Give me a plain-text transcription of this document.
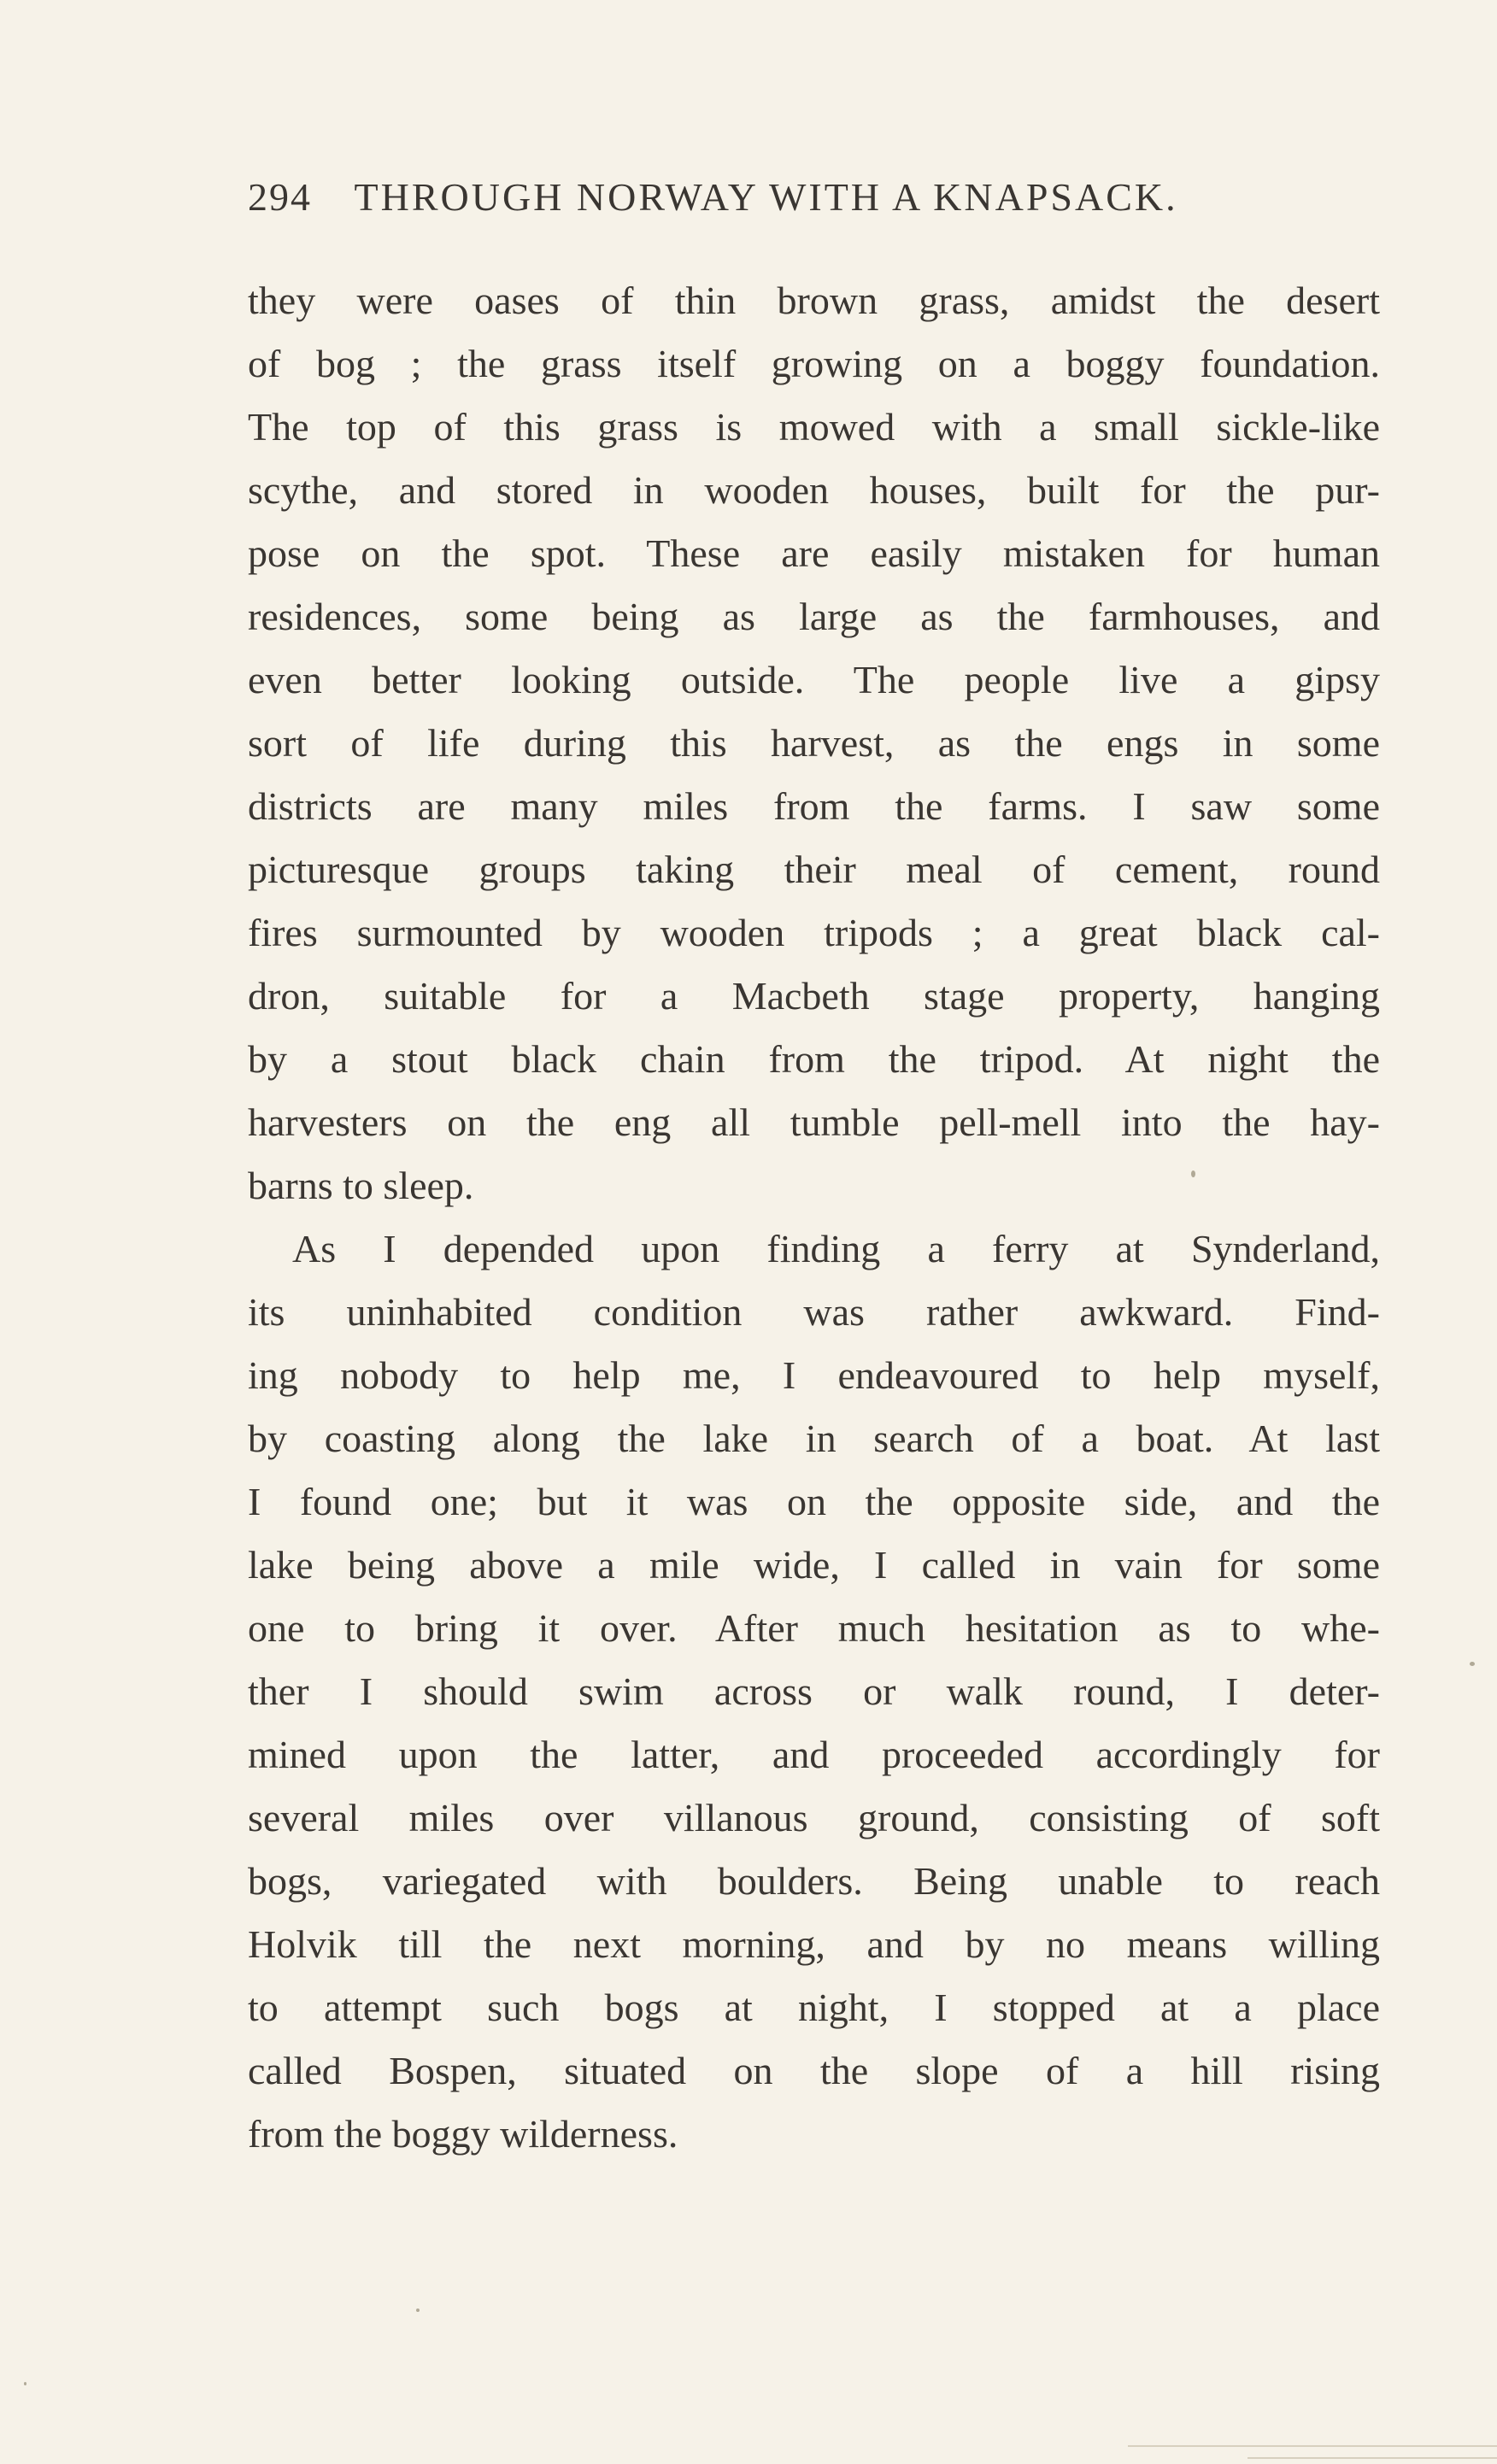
294 THROUGH NORWAY WITH A KNAPSACK.
they were oases of thin brown grass, amidst the desert
of bog ; the grass itself growing on a boggy foundation.
The top of this grass is mowed with a small sickle-like
scythe, and stored in wooden houses, built for the pur-
pose on the spot. These are easily mistaken for human
residences, some being as large as the farmhouses, and
even better looking outside. The people live a gipsy
sort of life during this harvest, as the engs in some
districts are many miles from the farms. I saw some
picturesque groups taking their meal of cement, round
fires surmounted by wooden tripods ; a great black cal-
dron, suitable for a Macbeth stage property, hanging
by a stout black chain from the tripod. At night the
harvesters on the eng all tumble pell-mell into the hay-
barns to sleep.
As I depended upon finding a ferry at Synderland,
its uninhabited condition was rather awkward. Find-
ing nobody to help me, I endeavoured to help myself,
by coasting along the lake in search of a boat. At last
I found one; but it was on the opposite side, and the
lake being above a mile wide, I called in vain for some
one to bring it over. After much hesitation as to whe-
ther I should swim across or walk round, I deter-
mined upon the latter, and proceeded accordingly for
several miles over villanous ground, consisting of soft
bogs, variegated with boulders. Being unable to reach
Holvik till the next morning, and by no means willing
to attempt such bogs at night, I stopped at a place
called Bospen, situated on the slope of a hill rising
from the boggy wilderness.
